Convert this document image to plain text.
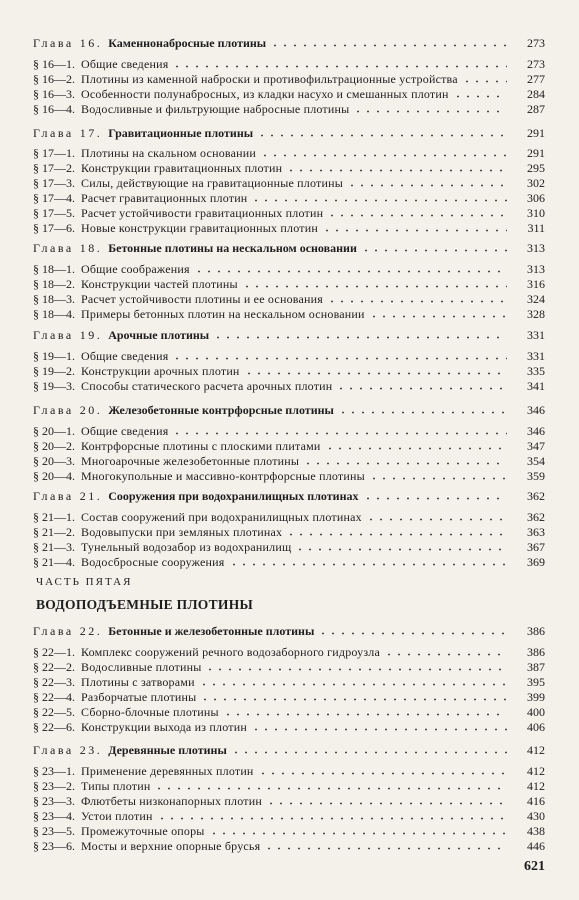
Глава 16. Каменнонабросные плотины	273
§ 16—1. Общие сведения	273
§ 16—2. Плотины из каменной наброски и противофильтрационные устройства	277
§ 16—3. Особенности полунабросных, из кладки насухо и смешанных плотин	284
§ 16—4. Водосливные и фильтрующие набросные плотины	287
Глава 17. Гравитационные плотины	291
§ 17—1. Плотины на скальном основании	291
§ 17—2. Конструкции гравитационных плотин	295
§ 17—3. Силы, действующие на гравитационные плотины	302
§ 17—4. Расчет гравитационных плотин	306
§ 17—5. Расчет устойчивости гравитационных плотин	310
§ 17—6. Новые конструкции гравитационных плотин	311
Глава 18. Бетонные плотины на нескальном основании	313
§ 18—1. Общие соображения	313
§ 18—2. Конструкции частей плотины	316
§ 18—3. Расчет устойчивости плотины и ее основания	324
§ 18—4. Примеры бетонных плотин на нескальном основании	328
Глава 19. Арочные плотины	331
§ 19—1. Общие сведения	331
§ 19—2. Конструкции арочных плотин	335
§ 19—3. Способы статического расчета арочных плотин	341
Глава 20. Железобетонные контрфорсные плотины	346
§ 20—1. Общие сведения	346
§ 20—2. Контрфорсные плотины с плоскими плитами	347
§ 20—3. Многоарочные железобетонные плотины	354
§ 20—4. Многокупольные и массивно-контрфорсные плотины	359
Глава 21. Сооружения при водохранилищных плотинах	362
§ 21—1. Состав сооружений при водохранилищных плотинах	362
§ 21—2. Водовыпуски при земляных плотинах	363
§ 21—3. Тунельный водозабор из водохранилищ	367
§ 21—4. Водосбросные сооружения	369
ЧАСТЬ ПЯТАЯ
ВОДОПОДЪЕМНЫЕ ПЛОТИНЫ
Глава 22. Бетонные и железобетонные плотины	386
§ 22—1. Комплекс сооружений речного водозаборного гидроузла	386
§ 22—2. Водосливные плотины	387
§ 22—3. Плотины с затворами	395
§ 22—4. Разборчатые плотины	399
§ 22—5. Сборно-блочные плотины	400
§ 22—6. Конструкции выхода из плотин	406
Глава 23. Деревянные плотины	412
§ 23—1. Применение деревянных плотин	412
§ 23—2. Типы плотин	412
§ 23—3. Флютбеты низконапорных плотин	416
§ 23—4. Устои плотин	430
§ 23—5. Промежуточные опоры	438
§ 23—6. Мосты и верхние опорные брусья	446
621
